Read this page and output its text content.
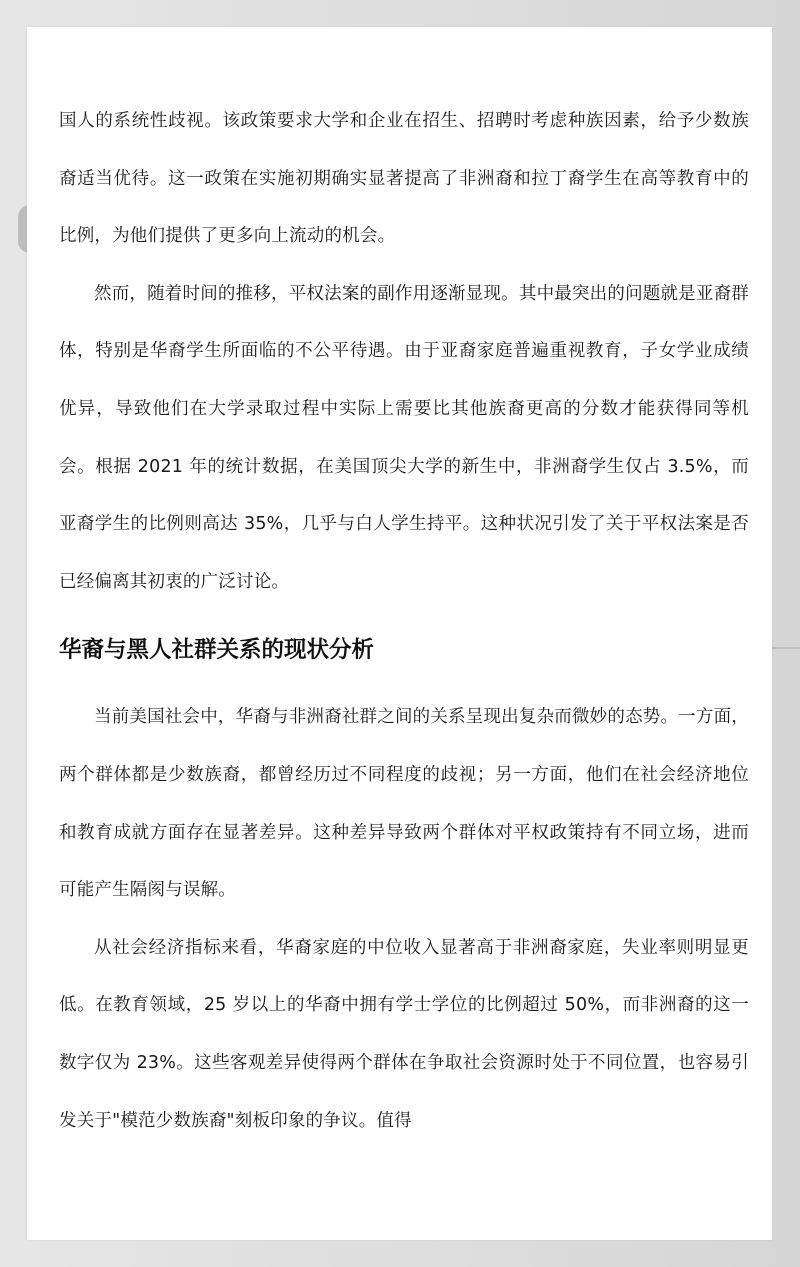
国人的系统性歧视。该政策要求大学和企业在招生、招聘时考虑种族因素，给予少数族裔适当优待。这一政策在实施初期确实显著提高了非洲裔和拉丁裔学生在高等教育中的比例，为他们提供了更多向上流动的机会。

然而，随着时间的推移，平权法案的副作用逐渐显现。其中最突出的问题就是亚裔群体，特别是华裔学生所面临的不公平待遇。由于亚裔家庭普遍重视教育，子女学业成绩优异，导致他们在大学录取过程中实际上需要比其他族裔更高的分数才能获得同等机会。根据 2021 年的统计数据，在美国顶尖大学的新生中，非洲裔学生仅占 3.5%，而亚裔学生的比例则高达 35%，几乎与白人学生持平。这种状况引发了关于平权法案是否已经偏离其初衷的广泛讨论。

华裔与黑人社群关系的现状分析

当前美国社会中，华裔与非洲裔社群之间的关系呈现出复杂而微妙的态势。一方面，两个群体都是少数族裔，都曾经历过不同程度的歧视；另一方面，他们在社会经济地位和教育成就方面存在显著差异。这种差异导致两个群体对平权政策持有不同立场，进而可能产生隔阂与误解。

从社会经济指标来看，华裔家庭的中位收入显著高于非洲裔家庭，失业率则明显更低。在教育领域，25 岁以上的华裔中拥有学士学位的比例超过 50%，而非洲裔的这一数字仅为 23%。这些客观差异使得两个群体在争取社会资源时处于不同位置，也容易引发关于"模范少数族裔"刻板印象的争议。值得
